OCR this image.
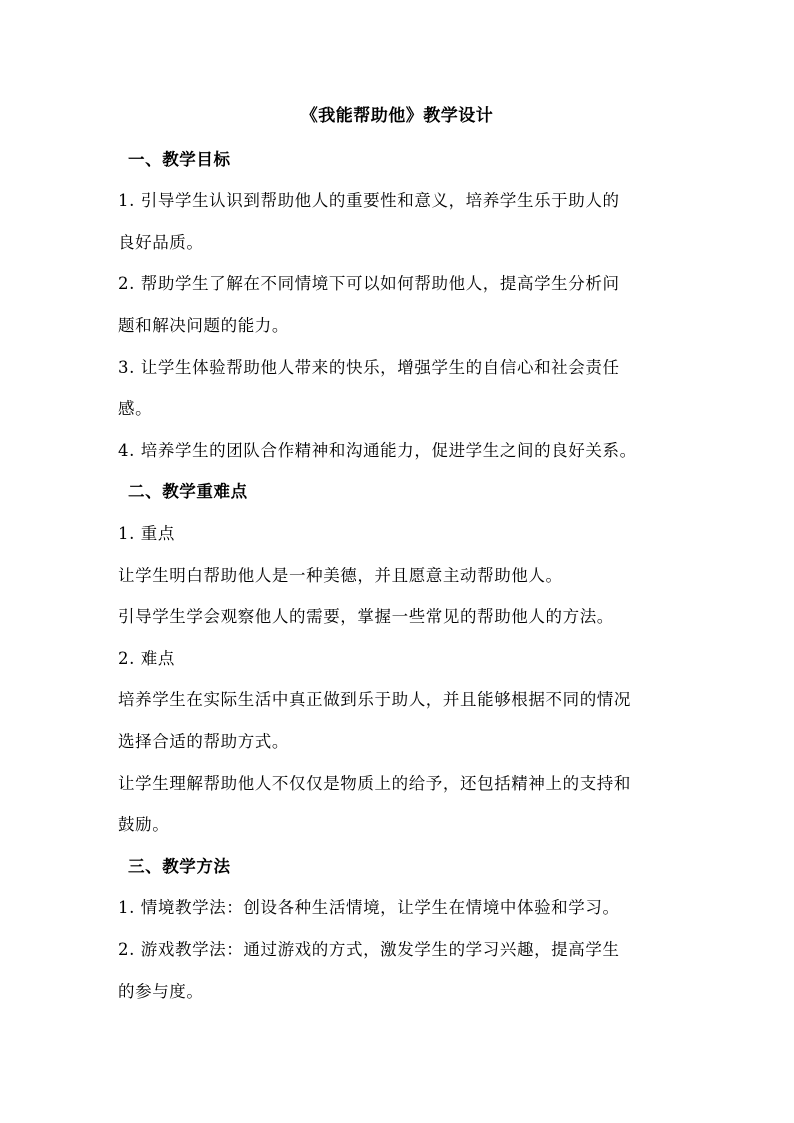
《我能帮助他》教学设计
一、教学目标
1. 引导学生认识到帮助他人的重要性和意义，培养学生乐于助人的
良好品质。
2. 帮助学生了解在不同情境下可以如何帮助他人，提高学生分析问
题和解决问题的能力。
3. 让学生体验帮助他人带来的快乐，增强学生的自信心和社会责任
感。
4. 培养学生的团队合作精神和沟通能力，促进学生之间的良好关系。
二、教学重难点
1. 重点
让学生明白帮助他人是一种美德，并且愿意主动帮助他人。
引导学生学会观察他人的需要，掌握一些常见的帮助他人的方法。
2. 难点
培养学生在实际生活中真正做到乐于助人，并且能够根据不同的情况
选择合适的帮助方式。
让学生理解帮助他人不仅仅是物质上的给予，还包括精神上的支持和
鼓励。
三、教学方法
1. 情境教学法：创设各种生活情境，让学生在情境中体验和学习。
2. 游戏教学法：通过游戏的方式，激发学生的学习兴趣，提高学生
的参与度。
